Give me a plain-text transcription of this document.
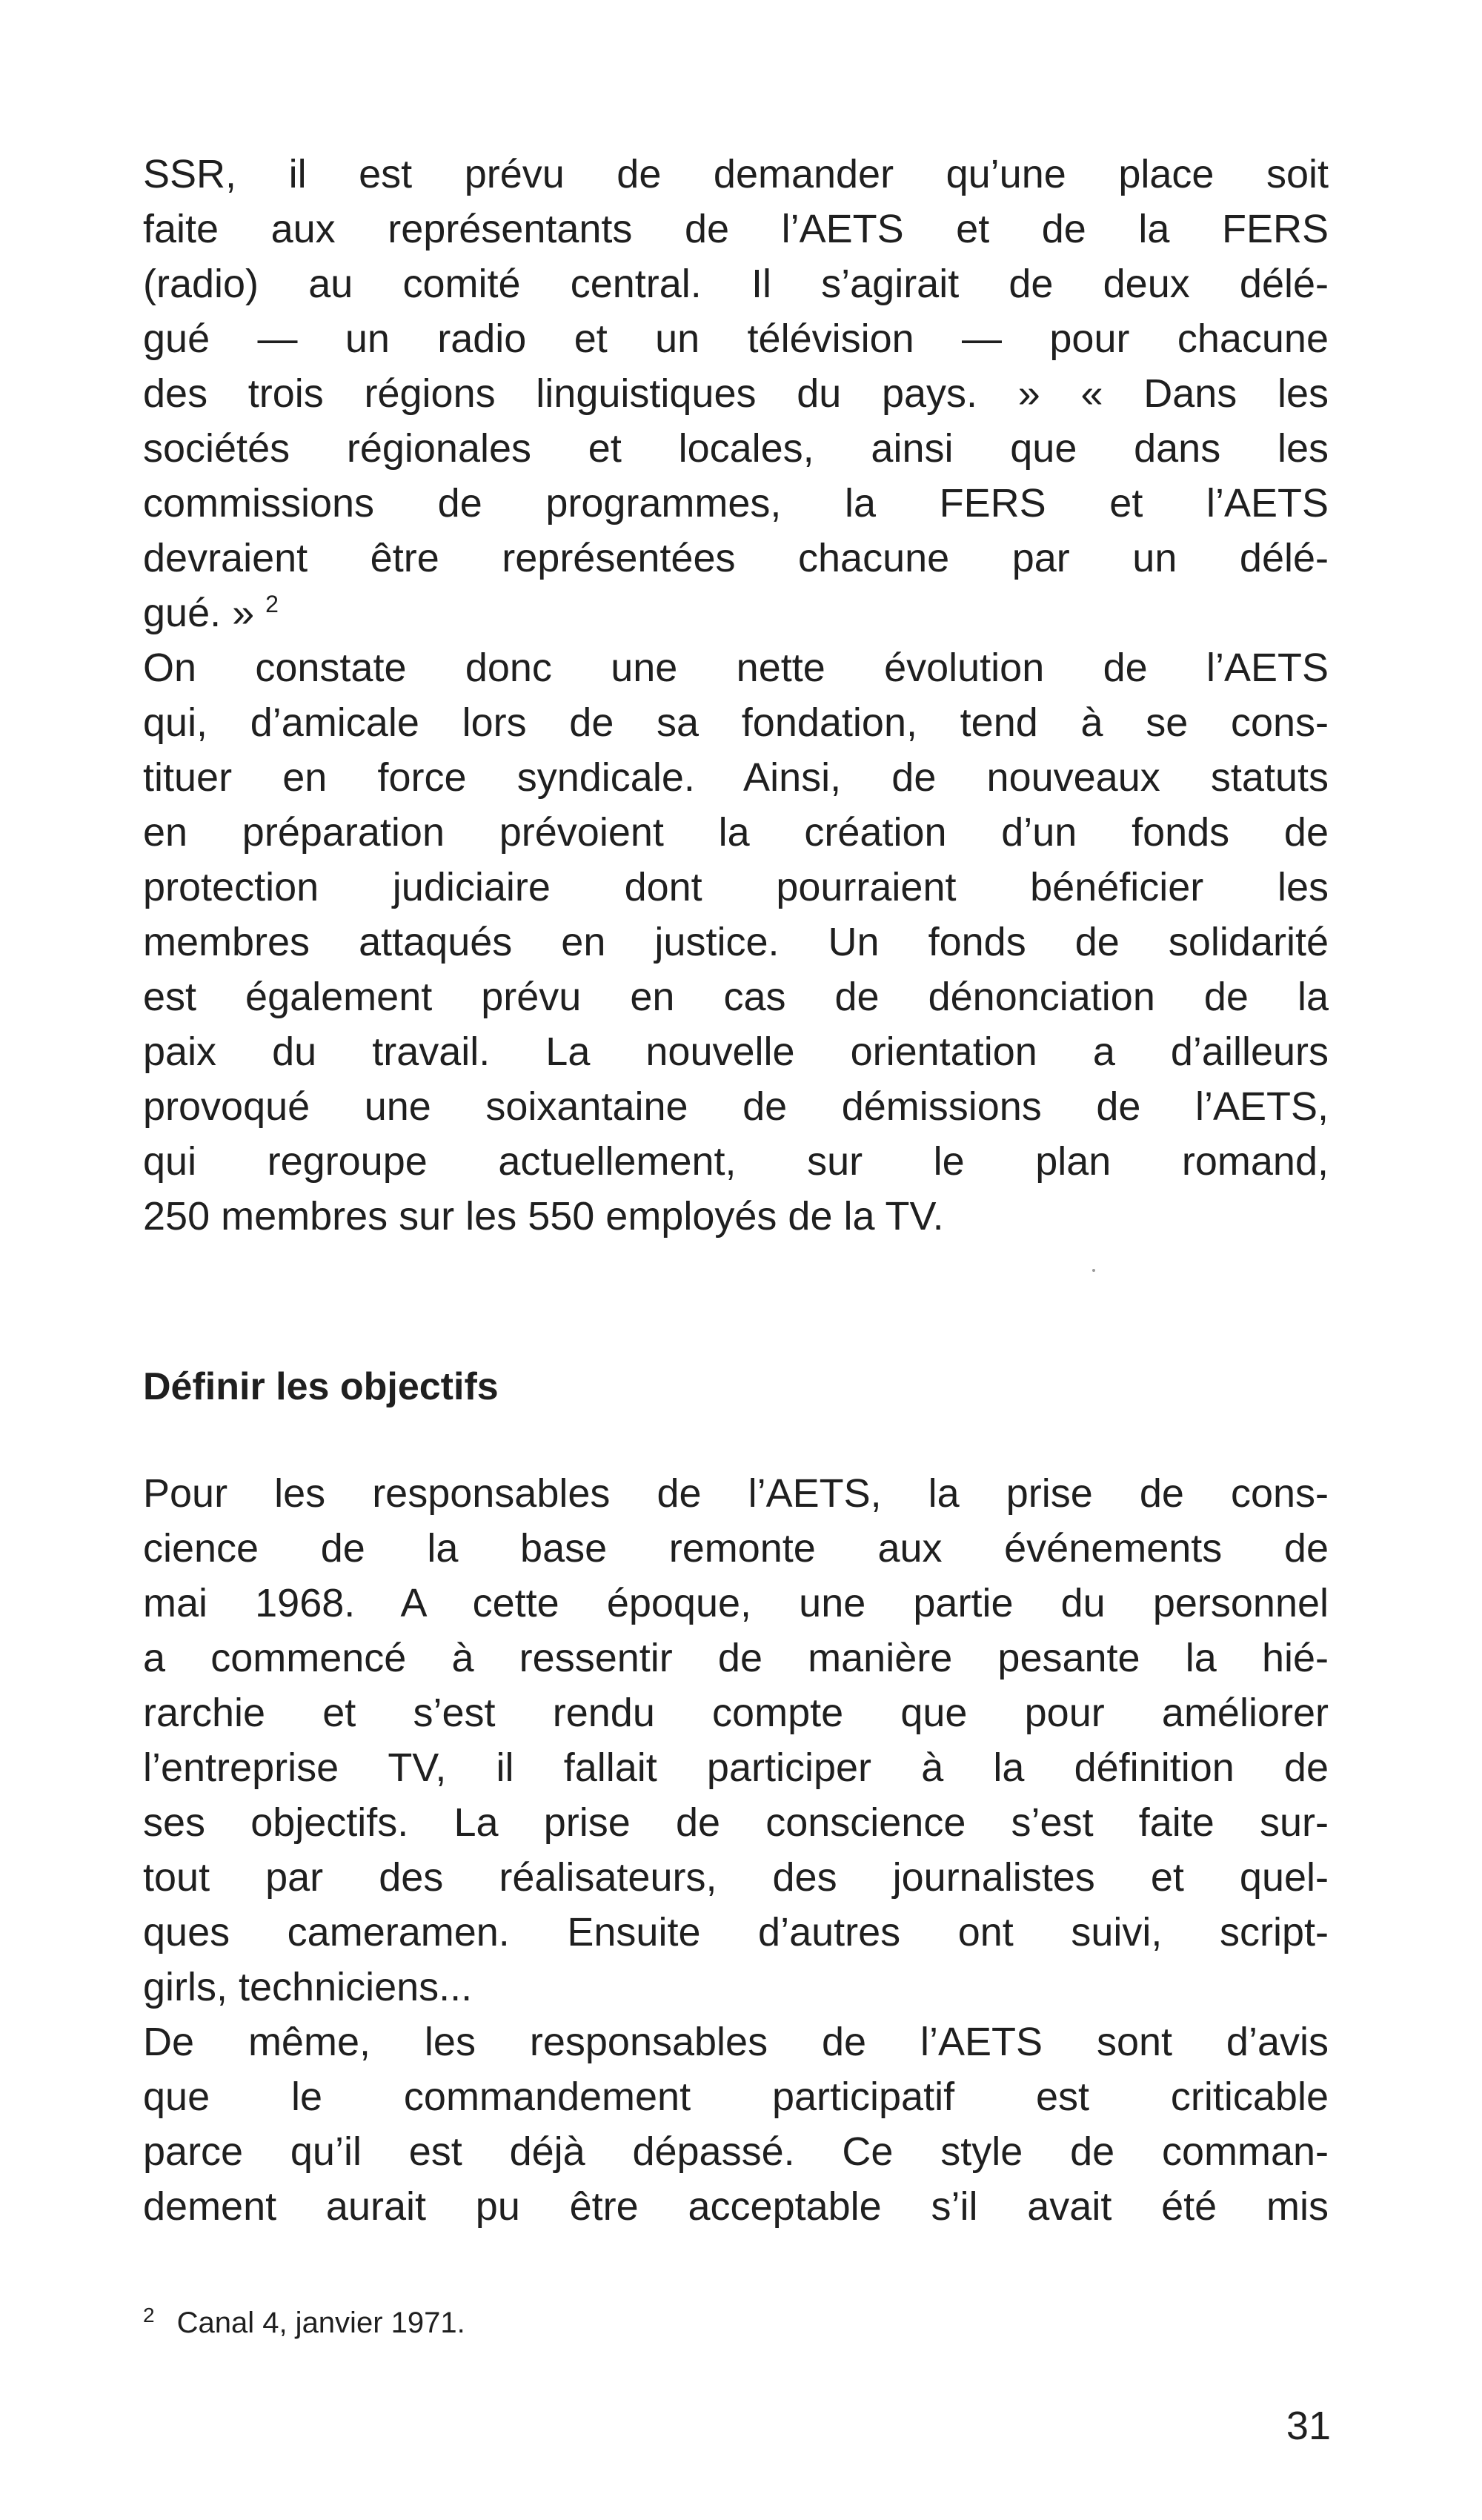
SSR, il est prévu de demander qu’une place soit
faite aux représentants de l’AETS et de la FERS
(radio) au comité central. Il s’agirait de deux délé-
gué — un radio et un télévision — pour chacune
des trois régions linguistiques du pays. » « Dans les
sociétés régionales et locales, ainsi que dans les
commissions de programmes, la FERS et l’AETS
devraient être représentées chacune par un délé-
gué. » $^2$
On constate donc une nette évolution de l’AETS
qui, d’amicale lors de sa fondation, tend à se cons-
tituer en force syndicale. Ainsi, de nouveaux statuts
en préparation prévoient la création d’un fonds de
protection judiciaire dont pourraient bénéficier les
membres attaqués en justice. Un fonds de solidarité
est également prévu en cas de dénonciation de la
paix du travail. La nouvelle orientation a d’ailleurs
provoqué une soixantaine de démissions de l’AETS,
qui regroupe actuellement, sur le plan romand,
250 membres sur les 550 employés de la TV.
Définir les objectifs
Pour les responsables de l’AETS, la prise de cons-
cience de la base remonte aux événements de
mai 1968. A cette époque, une partie du personnel
a commencé à ressentir de manière pesante la hié-
rarchie et s’est rendu compte que pour améliorer
l’entreprise TV, il fallait participer à la définition de
ses objectifs. La prise de conscience s’est faite sur-
tout par des réalisateurs, des journalistes et quel-
ques cameramen. Ensuite d’autres ont suivi, script-
girls, techniciens...
De même, les responsables de l’AETS sont d’avis
que le commandement participatif est criticable
parce qu’il est déjà dépassé. Ce style de comman-
dement aurait pu être acceptable s’il avait été mis
$^2$ Canal 4, janvier 1971.
31
